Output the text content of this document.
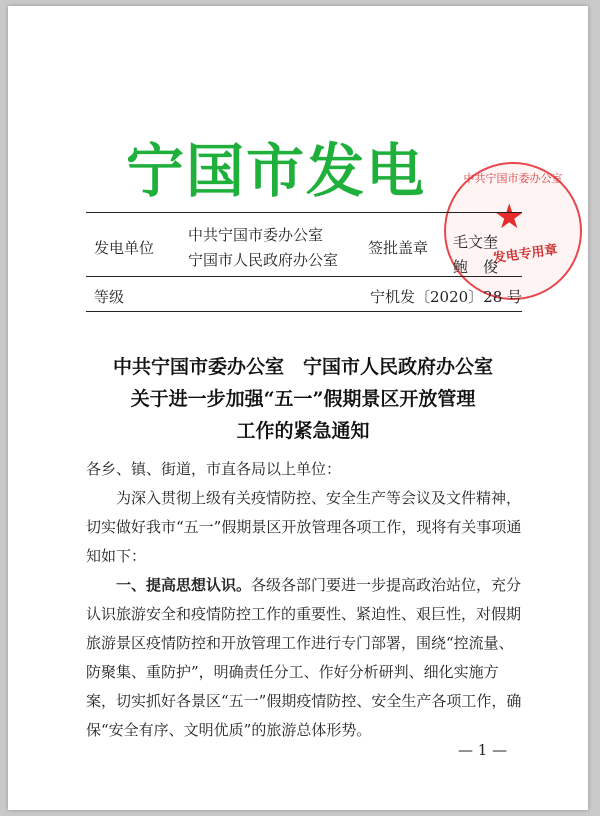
宁国市发电	中共宁国市委办公室
★
发电专用章
发电单位
中共宁国市委办公室
宁国市人民政府办公室
签批盖章 毛文奎
鲍　俊
等级	宁机发〔2020〕28 号
中共宁国市委办公室　宁国市人民政府办公室
关于进一步加强“五一”假期景区开放管理
工作的紧急通知

各乡、镇、街道，市直各局以上单位：

为深入贯彻上级有关疫情防控、安全生产等会议及文件精神，切实做好我市“五一”假期景区开放管理各项工作，现将有关事项通知如下：

一、提高思想认识。各级各部门要进一步提高政治站位，充分认识旅游安全和疫情防控工作的重要性、紧迫性、艰巨性，对假期旅游景区疫情防控和开放管理工作进行专门部署，围绕“控流量、防聚集、重防护”，明确责任分工、作好分析研判、细化实施方案，切实抓好各景区“五一”假期疫情防控、安全生产各项工作，确保“安全有序、文明优质”的旅游总体形势。

— 1 —
